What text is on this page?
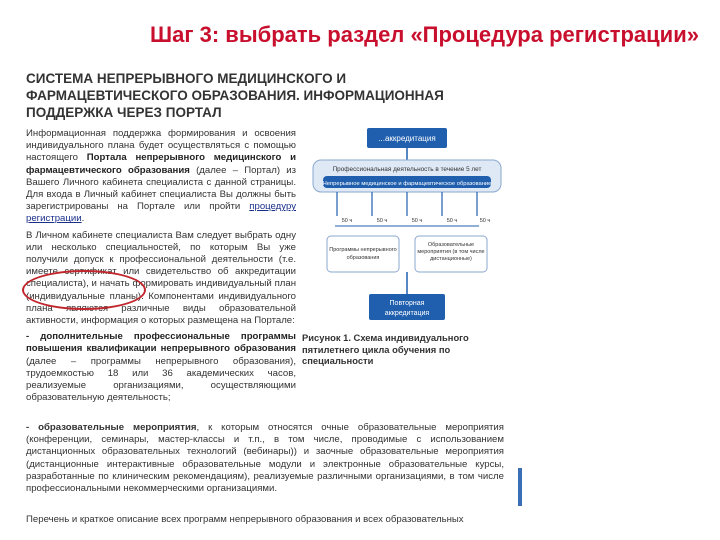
Шаг 3: выбрать раздел «Процедура регистрации»
СИСТЕМА НЕПРЕРЫВНОГО МЕДИЦИНСКОГО И ФАРМАЦЕВТИЧЕСКОГО ОБРАЗОВАНИЯ. ИНФОРМАЦИОННАЯ ПОДДЕРЖКА ЧЕРЕЗ ПОРТАЛ

Информационная поддержка формирования и освоения индивидуального плана будет осуществляться с помощью настоящего Портала непрерывного медицинского и фармацевтического образования (далее – Портал) из Вашего Личного кабинета специалиста с данной страницы. Для входа в Личный кабинет специалиста Вы должны быть зарегистрированы на Портале или пройти процедуру регистрации.

В Личном кабинете специалиста Вам следует выбрать одну или несколько специальностей, по которым Вы уже получили допуск к профессиональной деятельности (т.е. имеете сертификат или свидетельство об аккредитации специалиста), и начать формировать индивидуальный план (индивидуальные планы). Компонентами индивидуального плана являются различные виды образовательной активности, информация о которых размещена на Портале:

- дополнительные профессиональные программы повышения квалификации непрерывного образования (далее – программы непрерывного образования), трудоемкостью 18 или 36 академических часов, реализуемые организациями, осуществляющими образовательную деятельность;

...аккредитация
Профессиональная деятельность в течение 5 лет
Непрерывное медицинское и фармацевтическое образование
50 ч	50 ч	50 ч	50 ч	50 ч
Программы непрерывного образования
Образовательные мероприятия (в том числе дистанционные)
Повторная
аккредитация
Рисунок 1. Схема индивидуального пятилетнего цикла обучения по специальности

- образовательные мероприятия, к которым относятся очные образовательные мероприятия (конференции, семинары, мастер-классы и т.п., в том числе, проводимые с использованием дистанционных образовательных технологий (вебинары)) и заочные образовательные мероприятия (дистанционные интерактивные образовательные модули и электронные образовательные курсы, разработанные по клиническим рекомендациям), реализуемые различными организациями, в том числе профессиональными некоммерческими организациями.

Перечень и краткое описание всех программ непрерывного образования и всех образовательных
